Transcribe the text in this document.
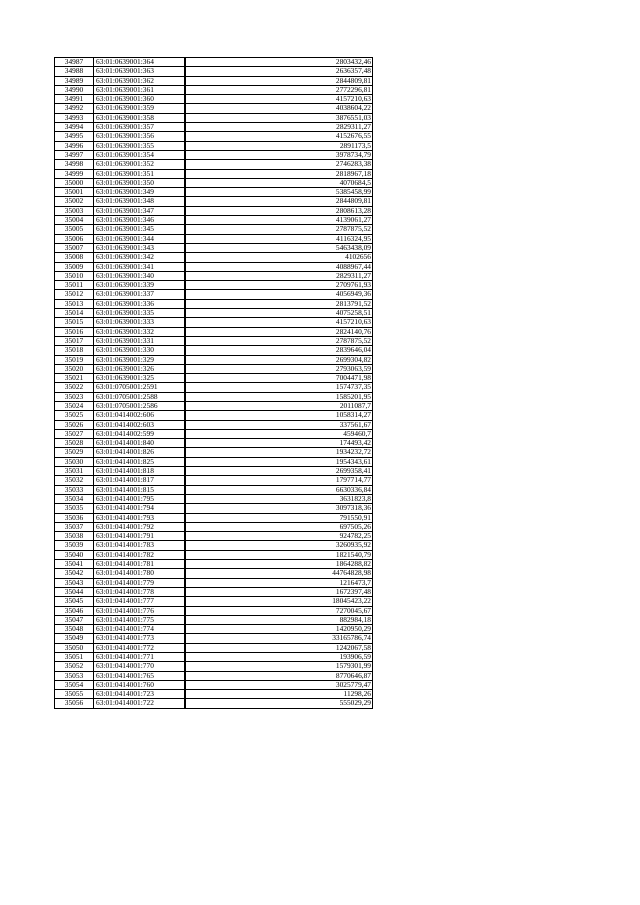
34987	63:01:0639001:364	2803432,46
34988	63:01:0639001:363	2636357,48
34989	63:01:0639001:362	2844809,81
34990	63:01:0639001:361	2772296,81
34991	63:01:0639001:360	4157210,63
34992	63:01:0639001:359	4038604,22
34993	63:01:0639001:358	3876551,03
34994	63:01:0639001:357	2829311,27
34995	63:01:0639001:356	4152676,55
34996	63:01:0639001:355	2891173,5
34997	63:01:0639001:354	3978734,79
34998	63:01:0639001:352	2746283,38
34999	63:01:0639001:351	2818967,18
35000	63:01:0639001:350	4070684,5
35001	63:01:0639001:349	5385458,99
35002	63:01:0639001:348	2844809,81
35003	63:01:0639001:347	2808613,28
35004	63:01:0639001:346	4139061,27
35005	63:01:0639001:345	2787875,52
35006	63:01:0639001:344	4116324,95
35007	63:01:0639001:343	5463438,09
35008	63:01:0639001:342	4102656
35009	63:01:0639001:341	4088967,44
35010	63:01:0639001:340	2829311,27
35011	63:01:0639001:339	2709761,93
35012	63:01:0639001:337	4056949,36
35013	63:01:0639001:336	2813791,52
35014	63:01:0639001:335	4075258,51
35015	63:01:0639001:333	4157210,63
35016	63:01:0639001:332	2824140,76
35017	63:01:0639001:331	2787875,52
35018	63:01:0639001:330	2839646,04
35019	63:01:0639001:329	2699304,82
35020	63:01:0639001:326	2793063,59
35021	63:01:0639001:325	7004471,98
35022	63:01:0705001:2591	1574737,35
35023	63:01:0705001:2588	1585201,95
35024	63:01:0705001:2586	2011087,7
35025	63:01:0414002:606	1058314,27
35026	63:01:0414002:603	337561,67
35027	63:01:0414002:599	459460,7
35028	63:01:0414001:840	174493,42
35029	63:01:0414001:826	1934232,72
35030	63:01:0414001:825	1954343,61
35031	63:01:0414001:818	2699358,41
35032	63:01:0414001:817	1797714,77
35033	63:01:0414001:815	6630336,84
35034	63:01:0414001:795	3631823,8
35035	63:01:0414001:794	3097318,36
35036	63:01:0414001:793	791550,91
35037	63:01:0414001:792	697505,26
35038	63:01:0414001:791	924782,25
35039	63:01:0414001:783	3260935,92
35040	63:01:0414001:782	1821540,79
35041	63:01:0414001:781	1864288,82
35042	63:01:0414001:780	44764828,98
35043	63:01:0414001:779	1216473,7
35044	63:01:0414001:778	1672397,48
35045	63:01:0414001:777	18045423,22
35046	63:01:0414001:776	7270045,67
35047	63:01:0414001:775	882984,18
35048	63:01:0414001:774	1420950,29
35049	63:01:0414001:773	33165786,74
35050	63:01:0414001:772	1242067,58
35051	63:01:0414001:771	193906,59
35052	63:01:0414001:770	1579301,99
35053	63:01:0414001:765	8770646,87
35054	63:01:0414001:760	3025779,47
35055	63:01:0414001:723	11298,26
35056	63:01:0414001:722	555029,29
